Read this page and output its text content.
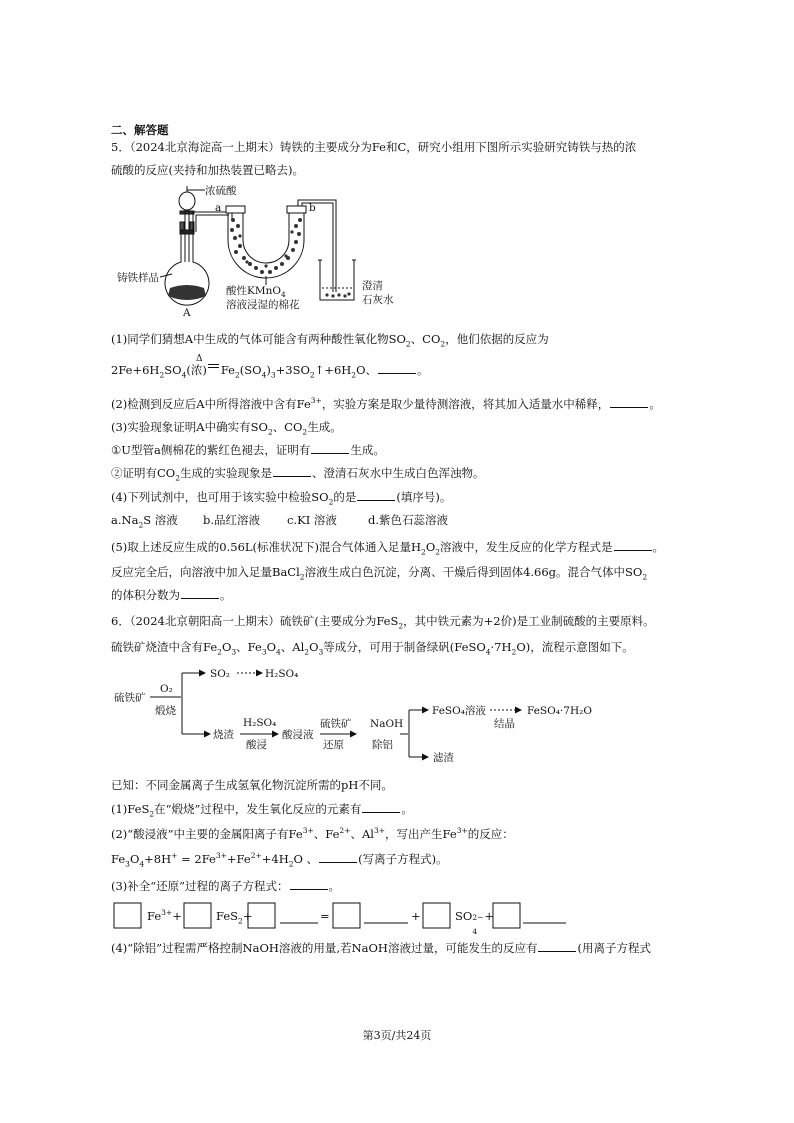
二、解答题
5．（2024北京海淀高一上期末）铸铁的主要成分为Fe和C，研究小组用下图所示实验研究铸铁与热的浓
硫酸的反应(夹持和加热装置已略去)。
浓硫酸
a	b
铸铁样品
A
酸性KMnO$_4$
溶液浸湿的棉花
澄清
石灰水
(1)同学们猜想A中生成的气体可能含有两种酸性氧化物$SO_2$、$CO_2$，他们依据的反应为
Δ
$2Fe+6H_2SO_4$(浓) $Fe_2(SO_4)_3+3SO_2↑+6H_2O$、	。
(2)检测到反应后A中所得溶液中含有$Fe^{3+}$，实验方案是取少量待测溶液，将其加入适量水中稀释，	。
(3)实验现象证明A中确实有$SO_2$、$CO_2$生成。
①U型管a侧棉花的紫红色褪去，证明有	生成。
②证明有$CO_2$生成的实验现象是	、澄清石灰水中生成白色浑浊物。
(4)下列试剂中，也可用于该实验中检验$SO_2$的是	(填序号)。
$a.Na_2S$ 溶液 b.品红溶液 c.KI 溶液	d.紫色石蕊溶液
(5)取上述反应生成的0.56L(标准状况下)混合气体通入足量$H_2O_2$溶液中，发生反应的化学方程式是	。
反应完全后，向溶液中加入足量BaCl$_2$溶液生成白色沉淀，分离、干燥后得到固体4.66g。混合气体中$SO_2$
的体积分数为	。
6．（2024北京朝阳高一上期末）硫铁矿(主要成分为FeS$_2$，其中铁元素为+2价)是工业制硫酸的主要原料。
硫铁矿烧渣中含有$Fe_2O_3$、$Fe_3O_4$、$Al_2O_3$等成分，可用于制备绿矾$(FeSO_4\cdot 7H_2O)$，流程示意图如下。
硫铁矿
O₂
煅烧
SO₂	H₂SO₄
烧渣
H₂SO₄
酸浸
酸浸液
硫铁矿
还原
NaOH
除铝
FeSO₄溶液
结晶
FeSO₄·7H₂O
滤渣
已知：不同金属离子生成氢氧化物沉淀所需的pH不同。
(1)FeS$_2$在“煅烧”过程中，发生氧化反应的元素有	。
(2)“酸浸液”中主要的金属阳离子有$Fe^{3+}$、$Fe^{2+}$、$Al^{3+}$，写出产生$Fe^{3+}$的反应：
$Fe_3O_4+8H^+ = 2Fe^{3+}+Fe^{2+}+4H_2O$ 、	(写离子方程式)。
(3)补全“还原”过程的离子方程式：	。
$Fe^{3+}+$	FeS$_2$+	=	+	SO 2−
4
+
(4)“除铝”过程需严格控制NaOH溶液的用量,若NaOH溶液过量，可能发生的反应有	(用离子方程式
第3页/共24页
